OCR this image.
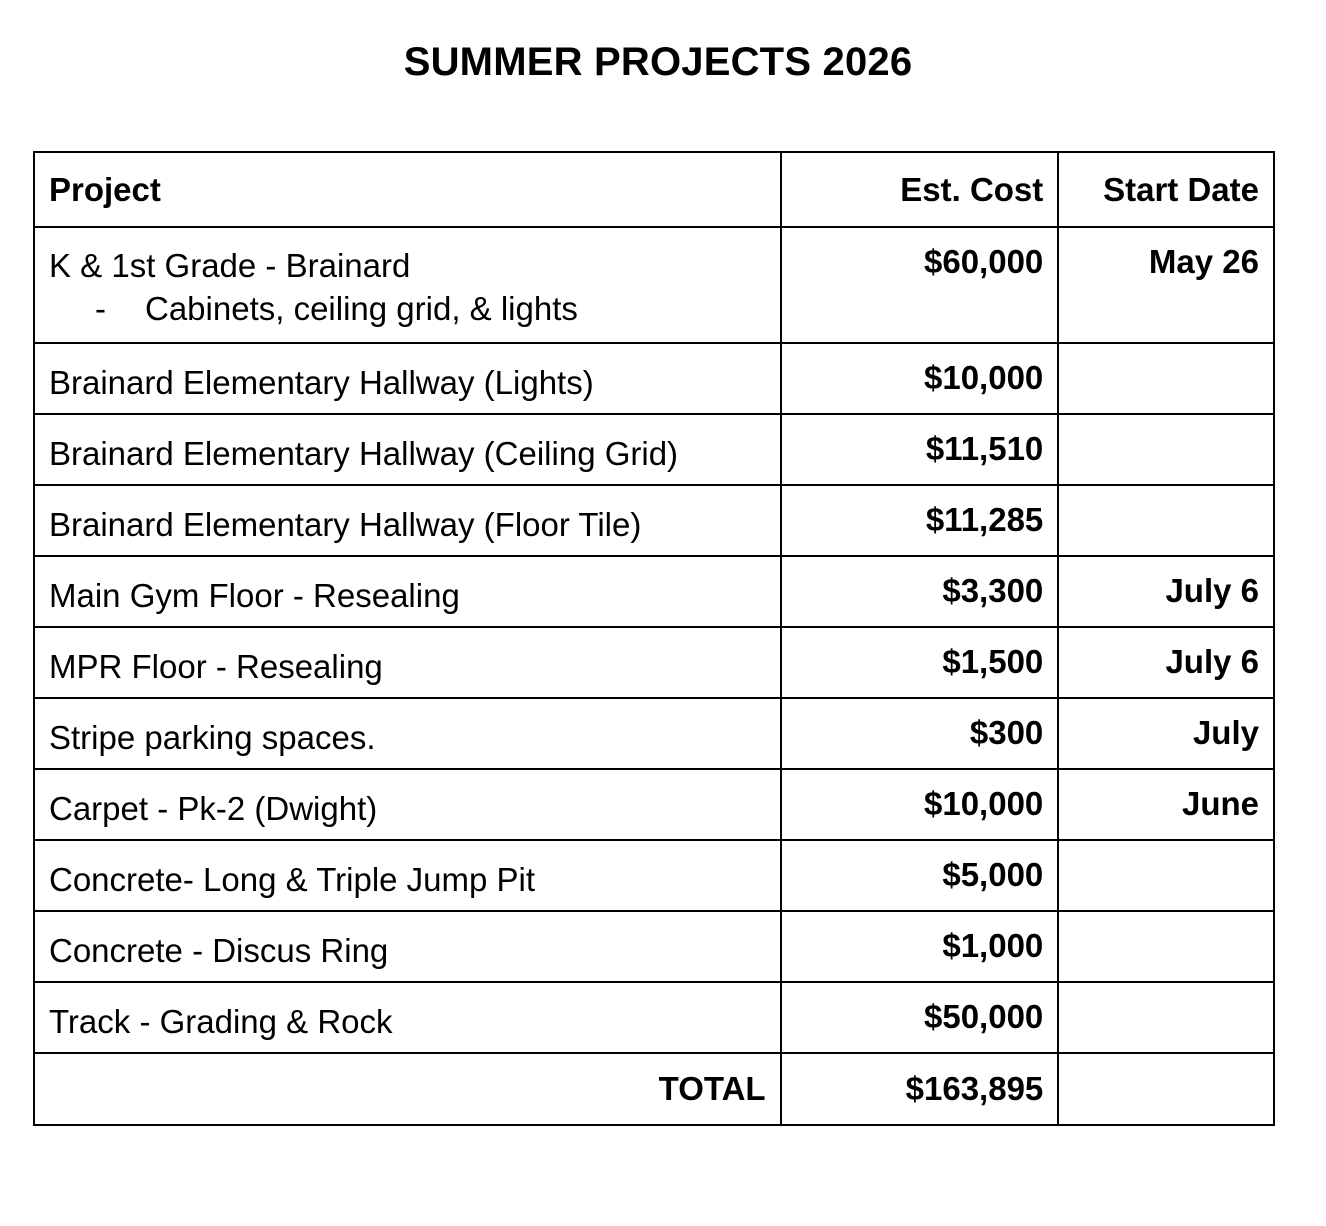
SUMMER PROJECTS 2026
Project	Est. Cost	Start Date
K & 1st Grade - Brainard
- Cabinets, ceiling grid, & lights	$60,000	May 26
Brainard Elementary Hallway (Lights)	$10,000	
Brainard Elementary Hallway (Ceiling Grid)	$11,510	
Brainard Elementary Hallway (Floor Tile)	$11,285	
Main Gym Floor - Resealing	$3,300	July 6
MPR Floor - Resealing	$1,500	July 6
Stripe parking spaces.	$300	July
Carpet - Pk-2 (Dwight)	$10,000	June
Concrete- Long & Triple Jump Pit	$5,000	
Concrete - Discus Ring	$1,000	
Track - Grading & Rock	$50,000	
TOTAL	$163,895	
